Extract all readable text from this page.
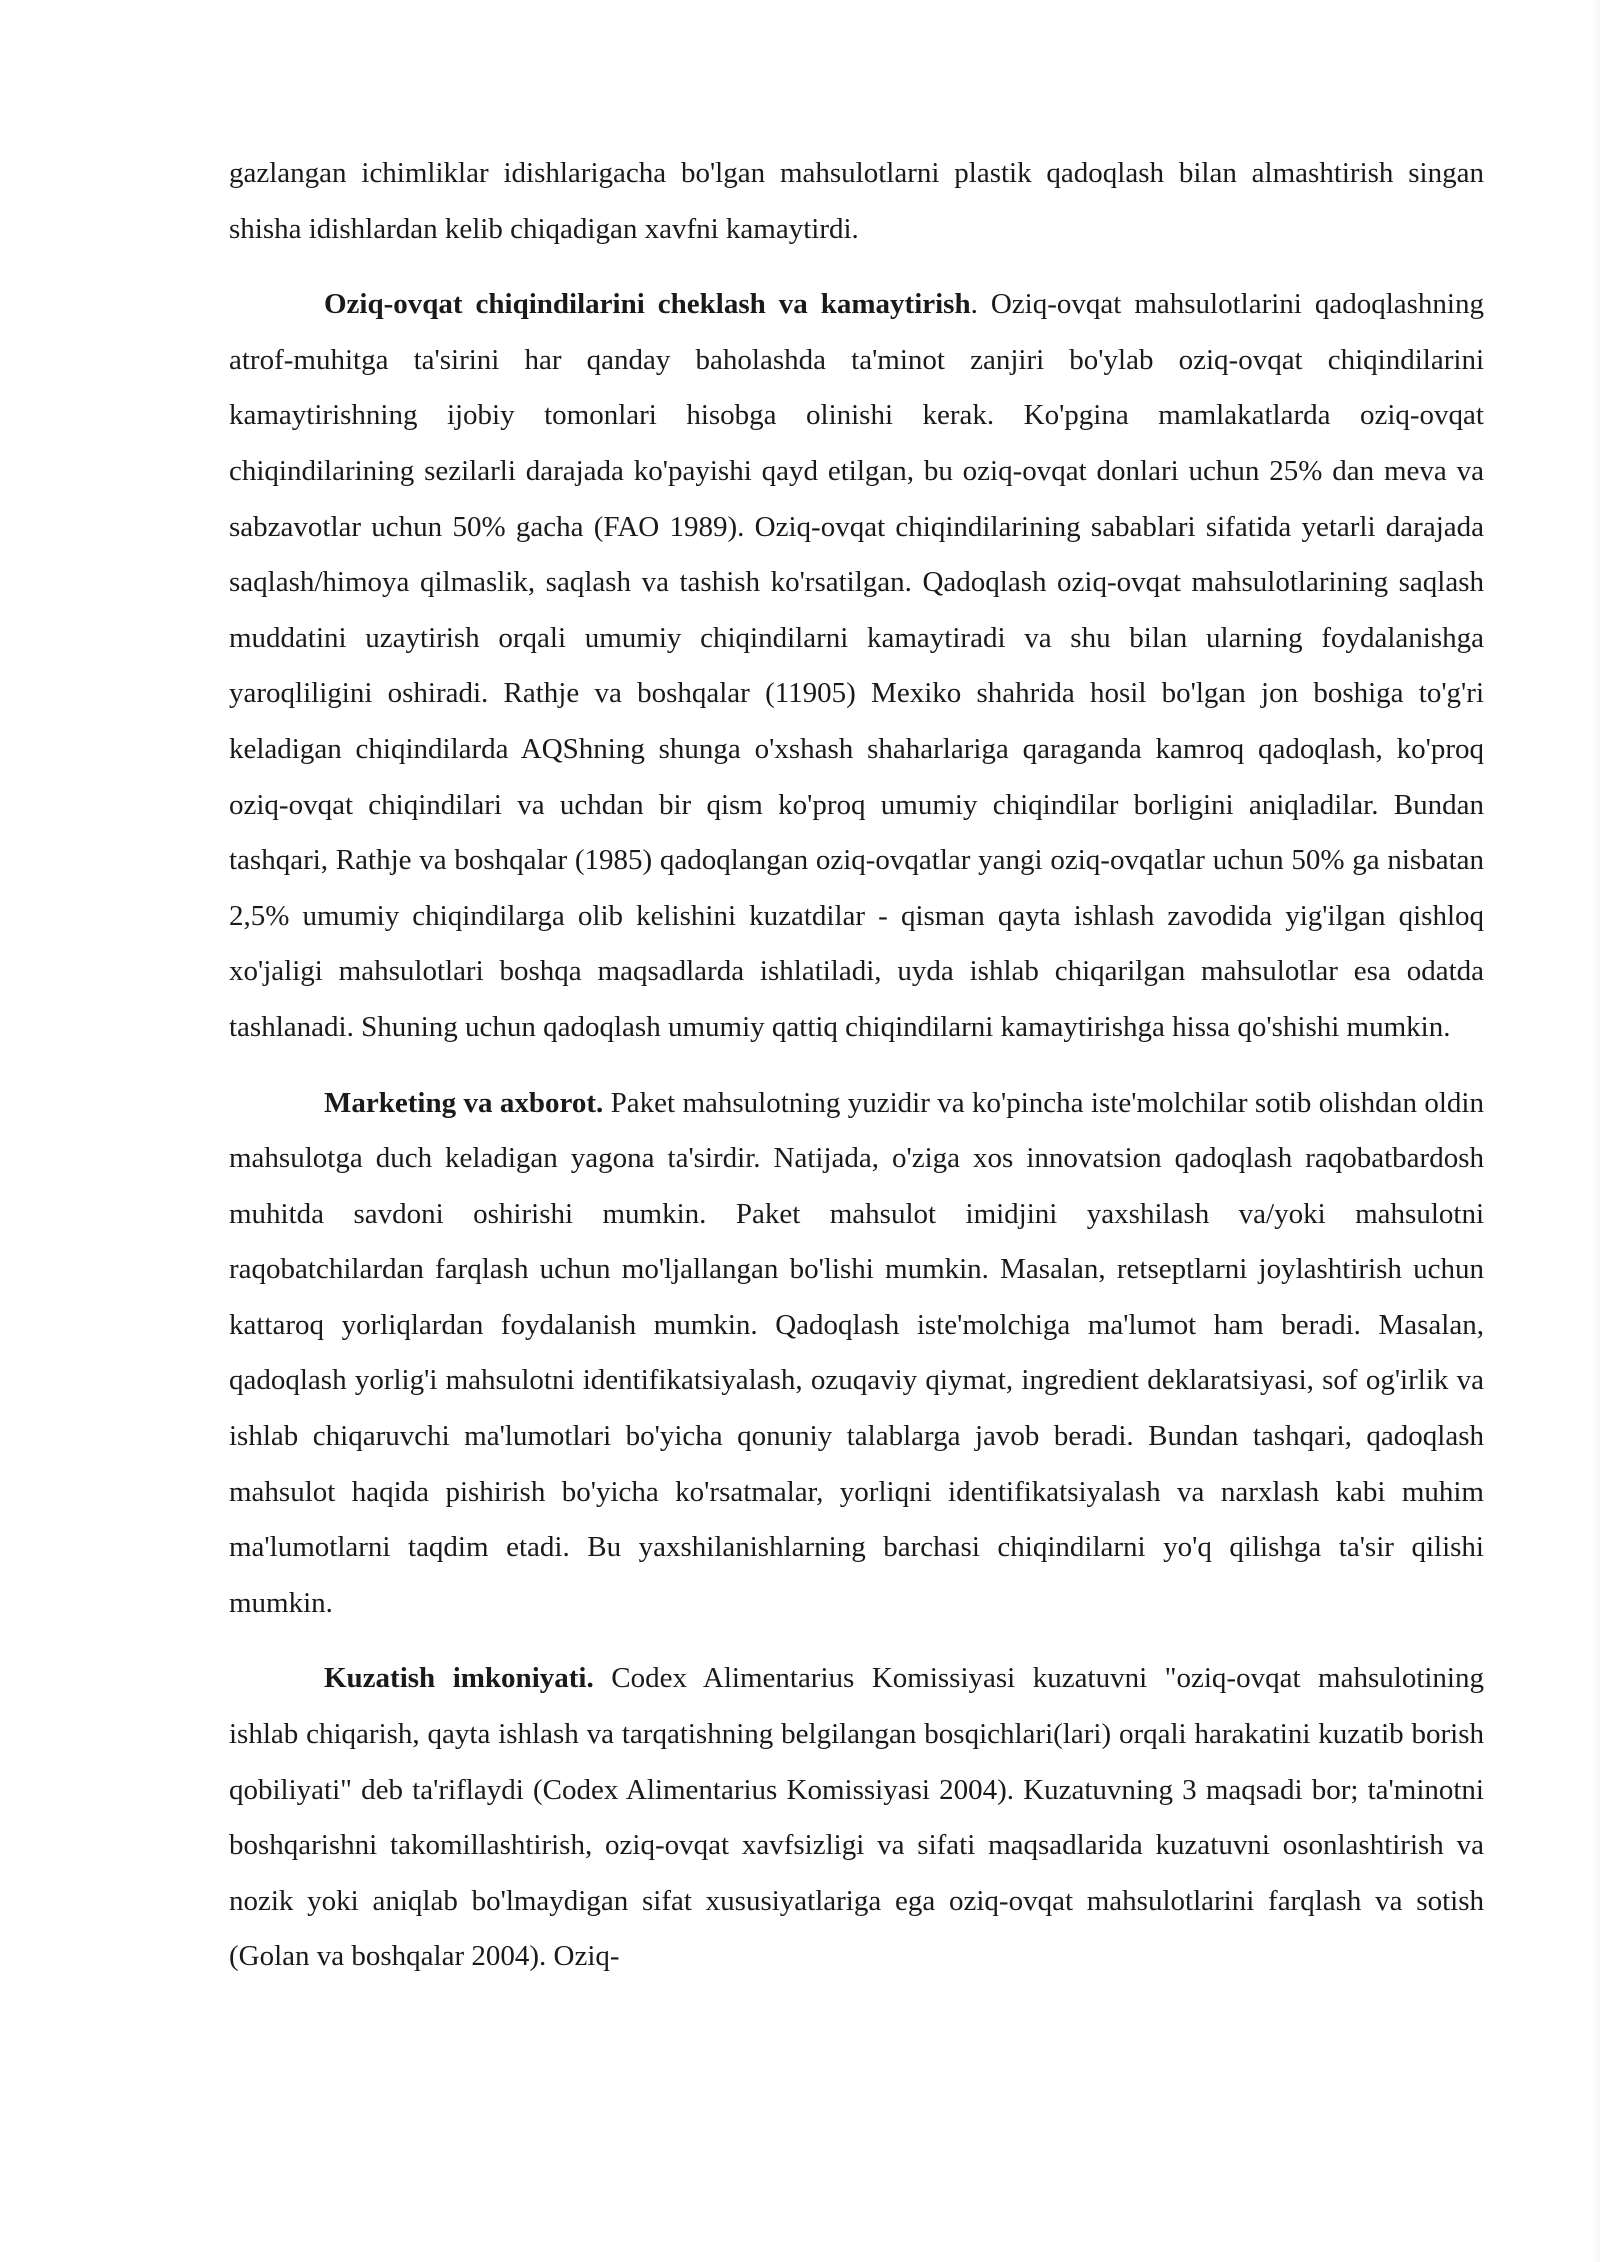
gazlangan ichimliklar idishlarigacha bo'lgan mahsulotlarni plastik qadoqlash bilan almashtirish singan shisha idishlardan kelib chiqadigan xavfni kamaytirdi.

Oziq-ovqat chiqindilarini cheklash va kamaytirish. Oziq-ovqat mahsulotlarini qadoqlashning atrof-muhitga ta'sirini har qanday baholashda ta'minot zanjiri bo'ylab oziq-ovqat chiqindilarini kamaytirishning ijobiy tomonlari hisobga olinishi kerak. Ko'pgina mamlakatlarda oziq-ovqat chiqindilarining sezilarli darajada ko'payishi qayd etilgan, bu oziq-ovqat donlari uchun 25% dan meva va sabzavotlar uchun 50% gacha (FAO 1989). Oziq-ovqat chiqindilarining sabablari sifatida yetarli darajada saqlash/himoya qilmaslik, saqlash va tashish ko'rsatilgan. Qadoqlash oziq-ovqat mahsulotlarining saqlash muddatini uzaytirish orqali umumiy chiqindilarni kamaytiradi va shu bilan ularning foydalanishga yaroqliligini oshiradi. Rathje va boshqalar (11905) Mexiko shahrida hosil bo'lgan jon boshiga to'g'ri keladigan chiqindilarda AQShning shunga o'xshash shaharlariga qaraganda kamroq qadoqlash, ko'proq oziq-ovqat chiqindilari va uchdan bir qism ko'proq umumiy chiqindilar borligini aniqladilar. Bundan tashqari, Rathje va boshqalar (1985) qadoqlangan oziq-ovqatlar yangi oziq-ovqatlar uchun 50% ga nisbatan 2,5% umumiy chiqindilarga olib kelishini kuzatdilar - qisman qayta ishlash zavodida yig'ilgan qishloq xo'jaligi mahsulotlari boshqa maqsadlarda ishlatiladi, uyda ishlab chiqarilgan mahsulotlar esa odatda tashlanadi. Shuning uchun qadoqlash umumiy qattiq chiqindilarni kamaytirishga hissa qo'shishi mumkin.

Marketing va axborot. Paket mahsulotning yuzidir va ko'pincha iste'molchilar sotib olishdan oldin mahsulotga duch keladigan yagona ta'sirdir. Natijada, o'ziga xos innovatsion qadoqlash raqobatbardosh muhitda savdoni oshirishi mumkin. Paket mahsulot imidjini yaxshilash va/yoki mahsulotni raqobatchilardan farqlash uchun mo'ljallangan bo'lishi mumkin. Masalan, retseptlarni joylashtirish uchun kattaroq yorliqlardan foydalanish mumkin. Qadoqlash iste'molchiga ma'lumot ham beradi. Masalan, qadoqlash yorlig'i mahsulotni identifikatsiyalash, ozuqaviy qiymat, ingredient deklaratsiyasi, sof og'irlik va ishlab chiqaruvchi ma'lumotlari bo'yicha qonuniy talablarga javob beradi. Bundan tashqari, qadoqlash mahsulot haqida pishirish bo'yicha ko'rsatmalar, yorliqni identifikatsiyalash va narxlash kabi muhim ma'lumotlarni taqdim etadi. Bu yaxshilanishlarning barchasi chiqindilarni yo'q qilishga ta'sir qilishi mumkin.

Kuzatish imkoniyati. Codex Alimentarius Komissiyasi kuzatuvni "oziq-ovqat mahsulotining ishlab chiqarish, qayta ishlash va tarqatishning belgilangan bosqichlari(lari) orqali harakatini kuzatib borish qobiliyati" deb ta'riflaydi (Codex Alimentarius Komissiyasi 2004). Kuzatuvning 3 maqsadi bor; ta'minotni boshqarishni takomillashtirish, oziq-ovqat xavfsizligi va sifati maqsadlarida kuzatuvni osonlashtirish va nozik yoki aniqlab bo'lmaydigan sifat xususiyatlariga ega oziq-ovqat mahsulotlarini farqlash va sotish (Golan va boshqalar 2004). Oziq-
